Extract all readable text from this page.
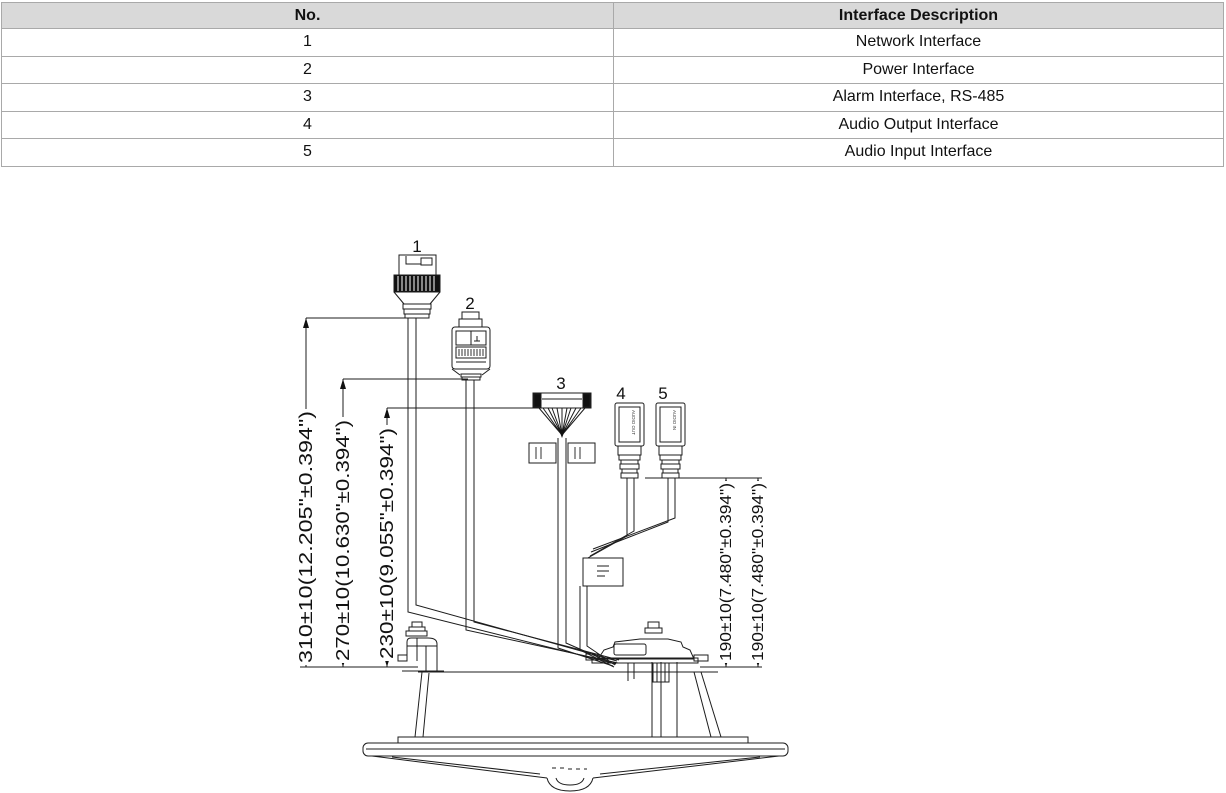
No.	Interface Description
1	Network Interface
2	Power Interface
3	Alarm Interface, RS-485
4	Audio Output Interface
5	Audio Input Interface
310±10(12.205"±0.394") 270±10(10.630"±0.394") 230±10(9.055"±0.394")	190±10(7.480"±0.394") 190±10(7.480"±0.394")
1
2
3
4 5
AUDIO OUT	AUDIO IN
